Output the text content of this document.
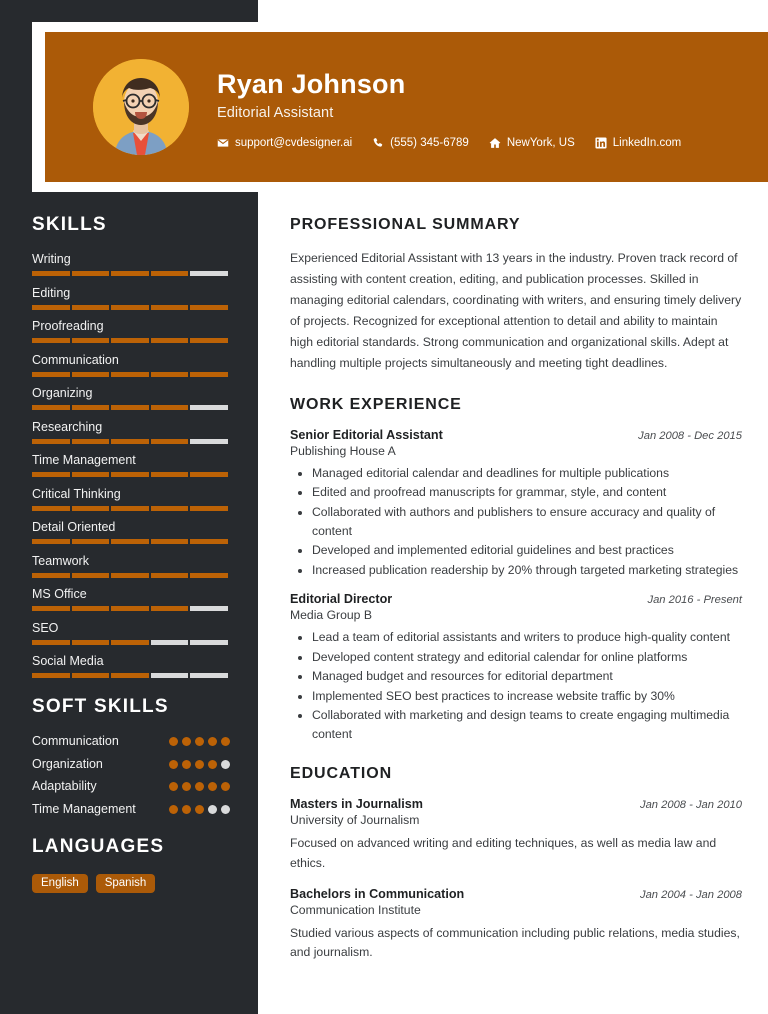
Ryan Johnson
Editorial Assistant
support@cvdesigner.ai	(555) 345-6789	NewYork, US	LinkedIn.com
SKILLS
Writing
Editing
Proofreading
Communication
Organizing
Researching
Time Management
Critical Thinking
Detail Oriented
Teamwork
MS Office
SEO
Social Media
SOFT SKILLS
Communication
Organization
Adaptability
Time Management
LANGUAGES
English	Spanish
PROFESSIONAL SUMMARY
Experienced Editorial Assistant with 13 years in the industry. Proven track record of assisting with content creation, editing, and publication processes. Skilled in managing editorial calendars, coordinating with writers, and ensuring timely delivery of projects. Recognized for exceptional attention to detail and ability to maintain high editorial standards. Strong communication and organizational skills. Adept at handling multiple projects simultaneously and meeting tight deadlines.
WORK EXPERIENCE
Senior Editorial Assistant	Jan 2008 - Dec 2015
Publishing House A
• Managed editorial calendar and deadlines for multiple publications
• Edited and proofread manuscripts for grammar, style, and content
• Collaborated with authors and publishers to ensure accuracy and quality of content
• Developed and implemented editorial guidelines and best practices
• Increased publication readership by 20% through targeted marketing strategies
Editorial Director	Jan 2016 - Present
Media Group B
• Lead a team of editorial assistants and writers to produce high-quality content
• Developed content strategy and editorial calendar for online platforms
• Managed budget and resources for editorial department
• Implemented SEO best practices to increase website traffic by 30%
• Collaborated with marketing and design teams to create engaging multimedia content
EDUCATION
Masters in Journalism	Jan 2008 - Jan 2010
University of Journalism
Focused on advanced writing and editing techniques, as well as media law and ethics.
Bachelors in Communication	Jan 2004 - Jan 2008
Communication Institute
Studied various aspects of communication including public relations, media studies, and journalism.
